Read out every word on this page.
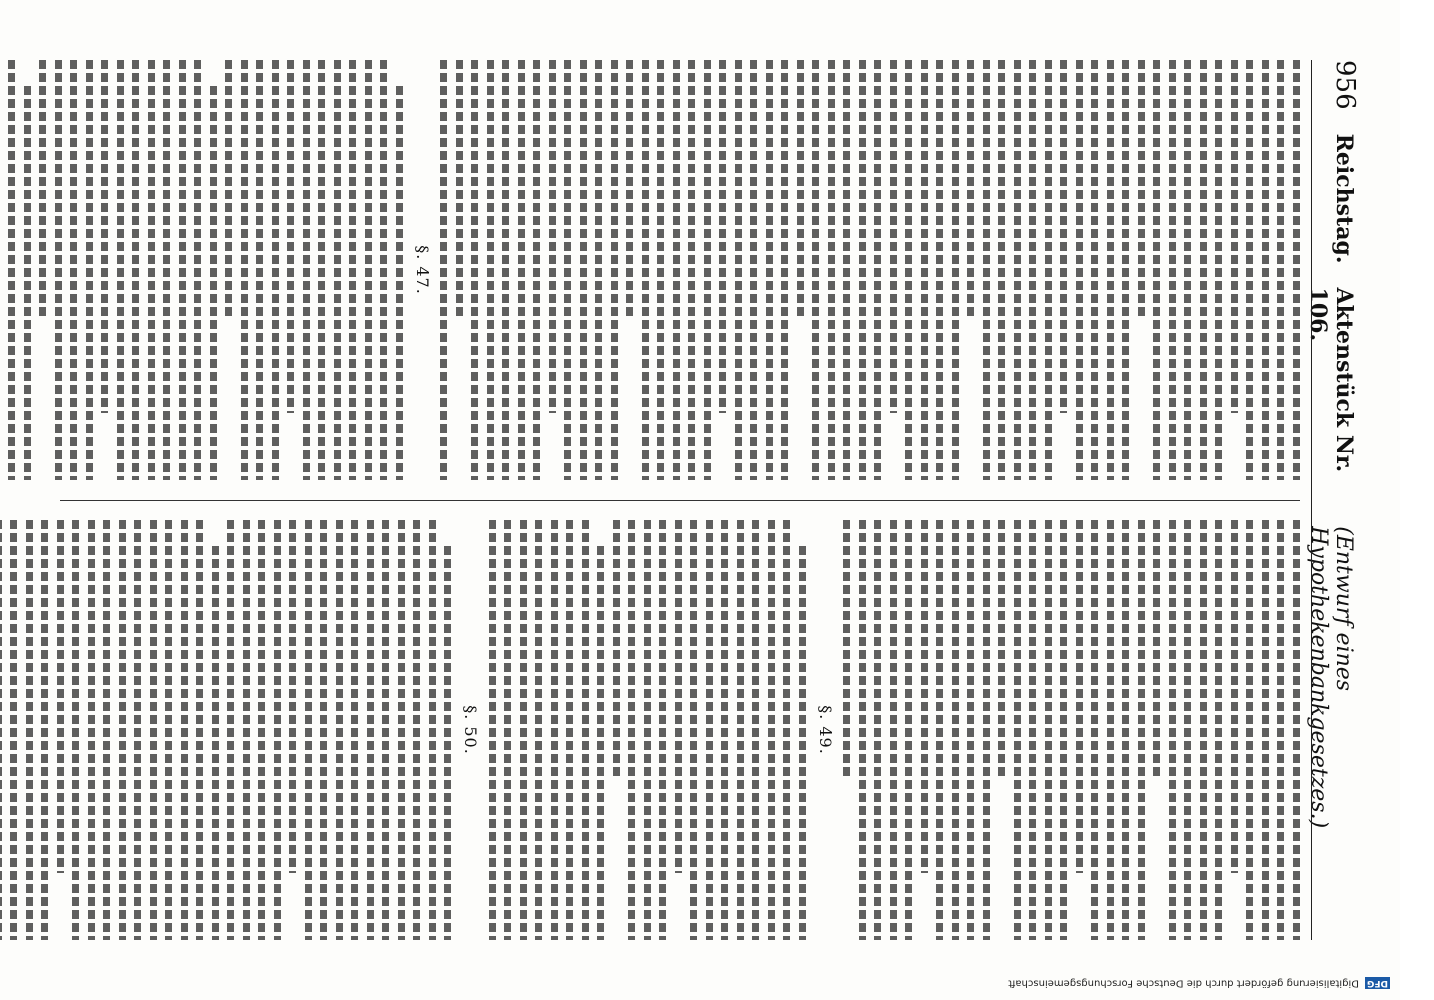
956
Reichstag.
Aktenstück Nr. 106.
(Entwurf eines Hypothekenbankgesetzes.)
§. 47.
§. 49.
§. 50.
DFG
Digitalisierung gefördert durch die Deutsche Forschungsgemeinschaft
